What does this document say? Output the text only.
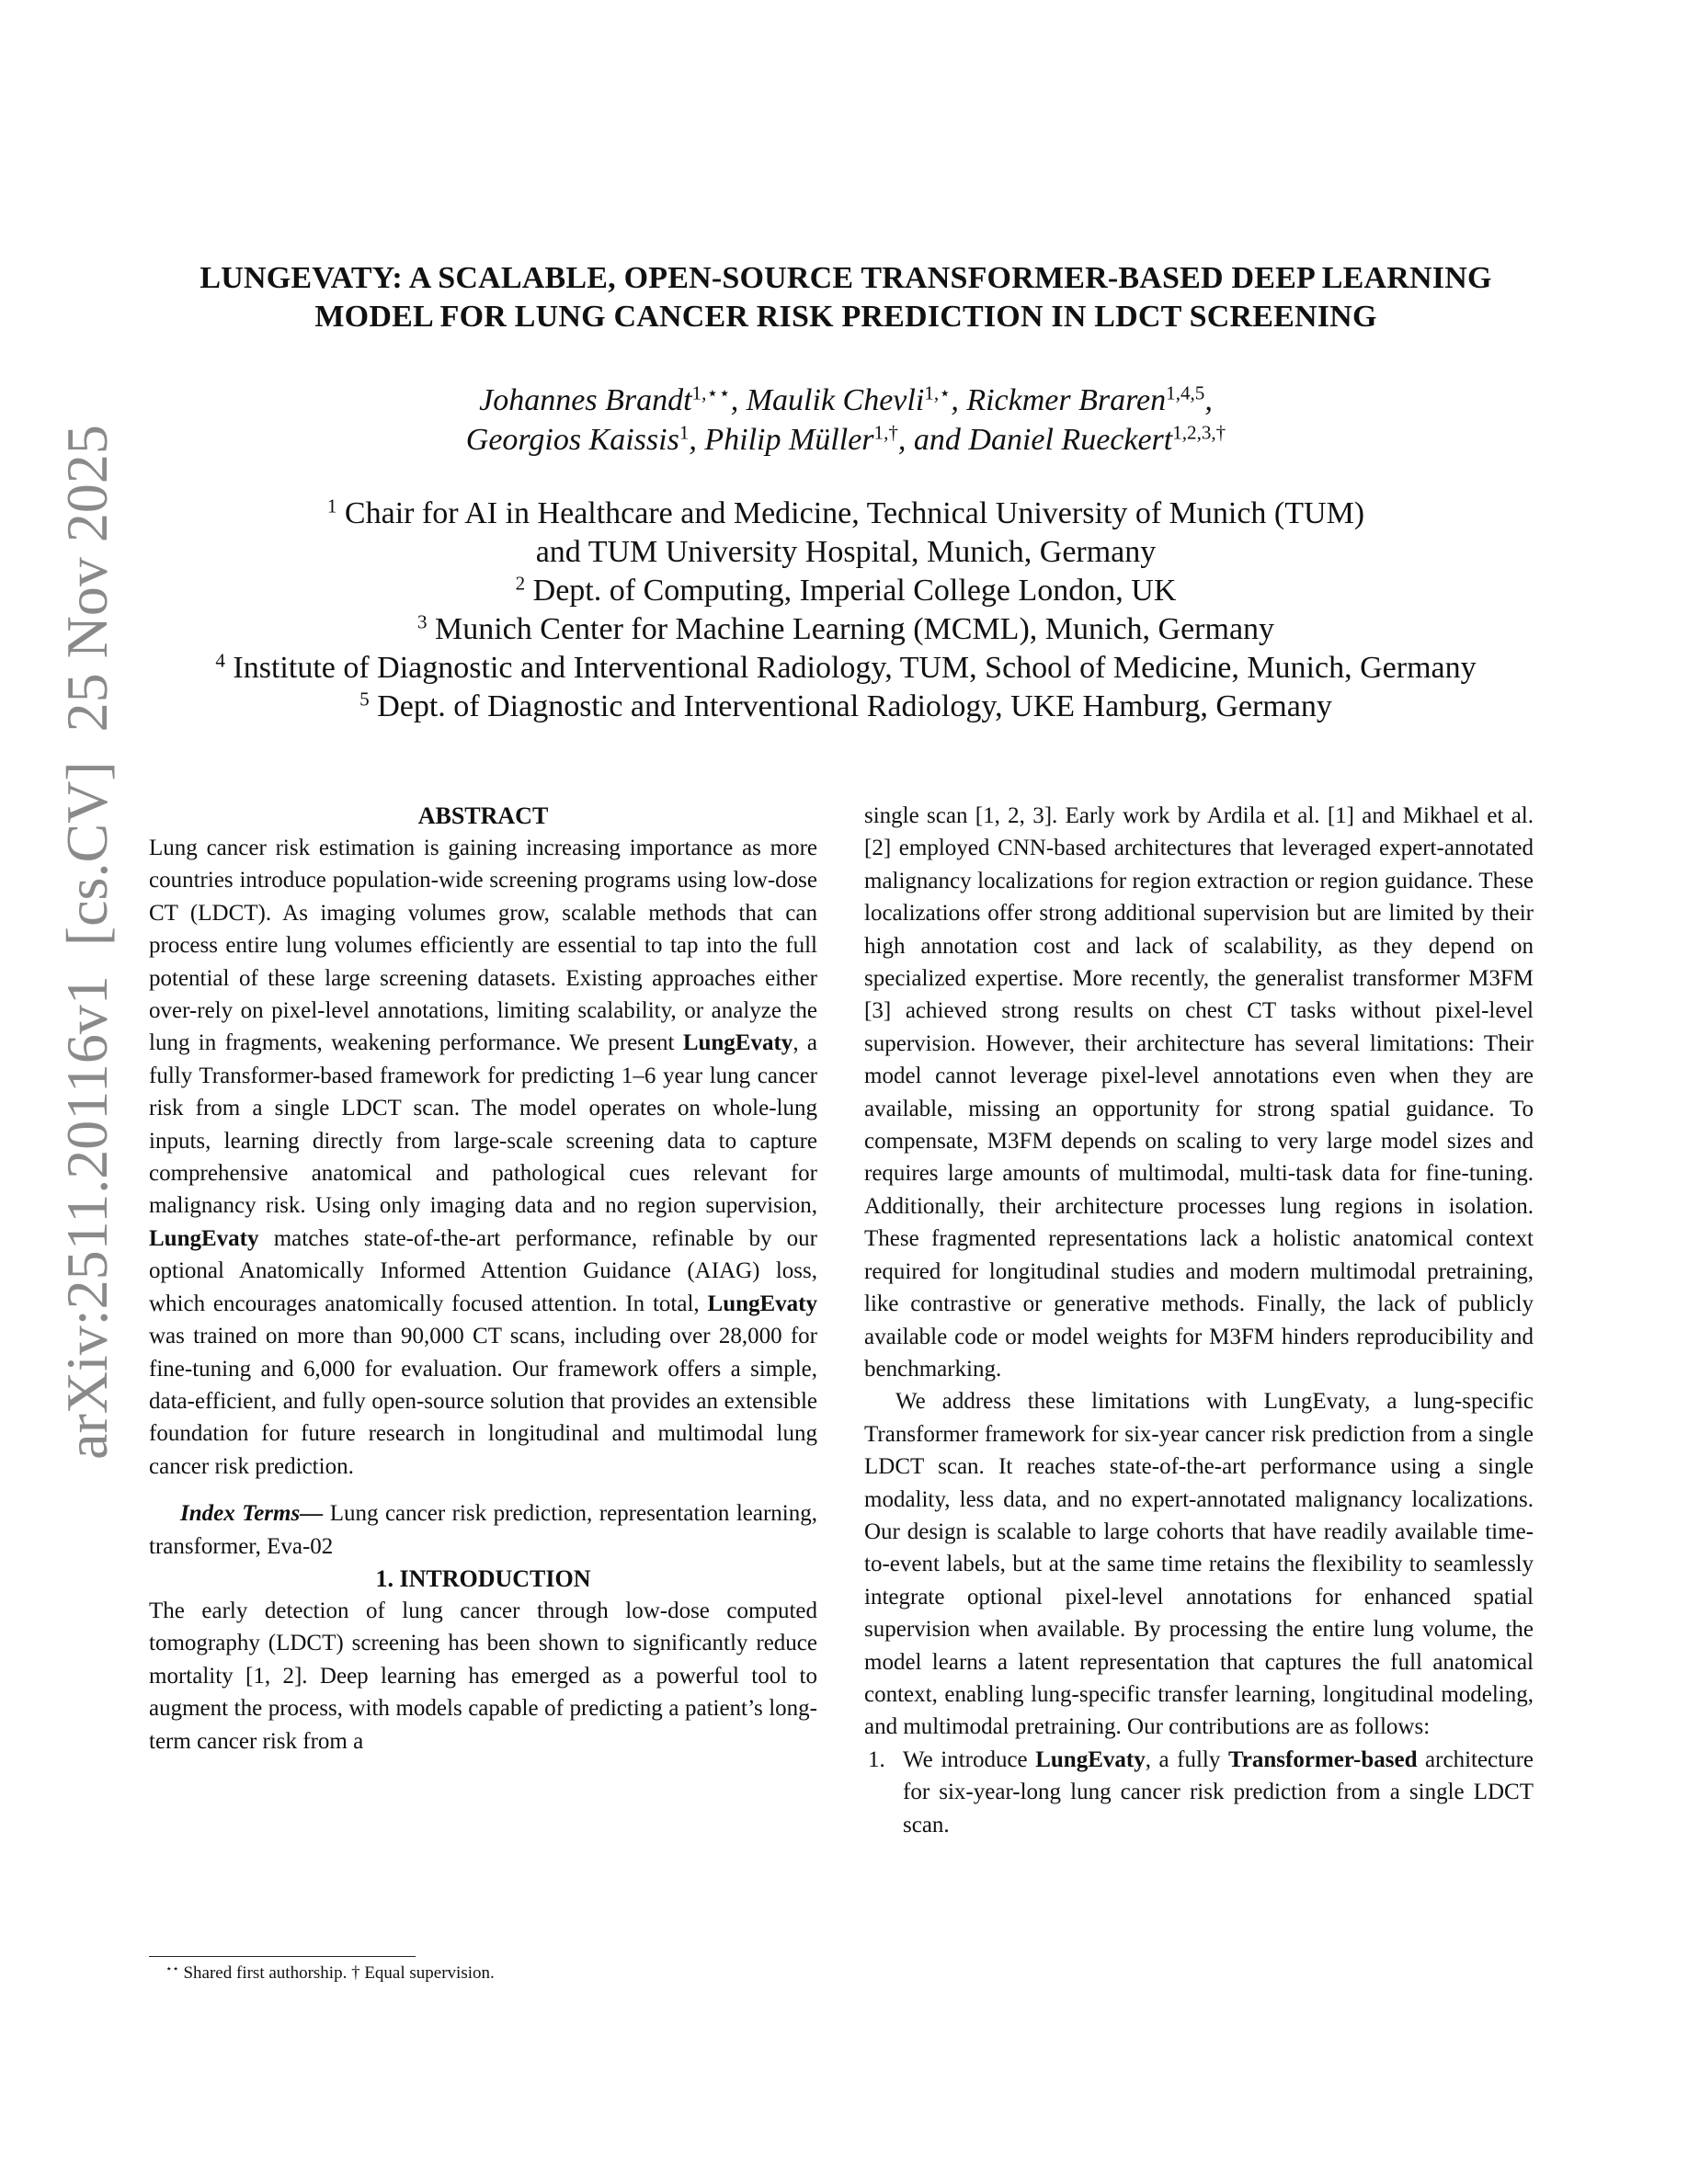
arXiv:2511.20116v1  [cs.CV]  25 Nov 2025
LUNGEVATY: A SCALABLE, OPEN-SOURCE TRANSFORMER-BASED DEEP LEARNING
MODEL FOR LUNG CANCER RISK PREDICTION IN LDCT SCREENING
Johannes Brandt$^{1,⋆⋆}$, Maulik Chevli$^{1,⋆}$, Rickmer Braren$^{1,4,5}$,
Georgios Kaissis$^1$, Philip Müller$^{1,\dagger}$, and Daniel Rueckert$^{1,2,3,\dagger}$
$^1$ Chair for AI in Healthcare and Medicine, Technical University of Munich (TUM)
and TUM University Hospital, Munich, Germany
$^2$ Dept. of Computing, Imperial College London, UK
$^3$ Munich Center for Machine Learning (MCML), Munich, Germany
$^4$ Institute of Diagnostic and Interventional Radiology, TUM, School of Medicine, Munich, Germany
$^5$ Dept. of Diagnostic and Interventional Radiology, UKE Hamburg, Germany

ABSTRACT

Lung cancer risk estimation is gaining increasing importance as more countries introduce population-wide screening programs using low-dose CT (LDCT). As imaging volumes grow, scalable methods that can process entire lung volumes efficiently are essential to tap into the full potential of these large screening datasets. Existing approaches either over-rely on pixel-level annotations, limiting scalability, or analyze the lung in fragments, weakening performance. We present LungEvaty, a fully Transformer-based framework for predicting 1–6 year lung cancer risk from a single LDCT scan. The model operates on whole-lung inputs, learning directly from large-scale screening data to capture comprehensive anatomical and pathological cues relevant for malignancy risk. Using only imaging data and no region supervision, LungEvaty matches state-of-the-art performance, refinable by our optional Anatomically Informed Attention Guidance (AIAG) loss, which encourages anatomically focused attention. In total, LungEvaty was trained on more than 90,000 CT scans, including over 28,000 for fine-tuning and 6,000 for evaluation. Our framework offers a simple, data-efficient, and fully open-source solution that provides an extensible foundation for future research in longitudinal and multimodal lung cancer risk prediction.

Index Terms— Lung cancer risk prediction, representation learning, transformer, Eva-02

1. INTRODUCTION

The early detection of lung cancer through low-dose computed tomography (LDCT) screening has been shown to significantly reduce mortality [1, 2]. Deep learning has emerged as a powerful tool to augment the process, with models capable of predicting a patient’s long-term cancer risk from a

single scan [1, 2, 3]. Early work by Ardila et al. [1] and Mikhael et al. [2] employed CNN-based architectures that leveraged expert-annotated malignancy localizations for region extraction or region guidance. These localizations offer strong additional supervision but are limited by their high annotation cost and lack of scalability, as they depend on specialized expertise. More recently, the generalist transformer M3FM [3] achieved strong results on chest CT tasks without pixel-level supervision. However, their architecture has several limitations: Their model cannot leverage pixel-level annotations even when they are available, missing an opportunity for strong spatial guidance. To compensate, M3FM depends on scaling to very large model sizes and requires large amounts of multimodal, multi-task data for fine-tuning. Additionally, their architecture processes lung regions in isolation. These fragmented representations lack a holistic anatomical context required for longitudinal studies and modern multimodal pretraining, like contrastive or generative methods. Finally, the lack of publicly available code or model weights for M3FM hinders reproducibility and benchmarking.

We address these limitations with LungEvaty, a lung-specific Transformer framework for six-year cancer risk prediction from a single LDCT scan. It reaches state-of-the-art performance using a single modality, less data, and no expert-annotated malignancy localizations. Our design is scalable to large cohorts that have readily available time-to-event labels, but at the same time retains the flexibility to seamlessly integrate optional pixel-level annotations for enhanced spatial supervision when available. By processing the entire lung volume, the model learns a latent representation that captures the full anatomical context, enabling lung-specific transfer learning, longitudinal modeling, and multimodal pretraining. Our contributions are as follows:

1. We introduce LungEvaty, a fully Transformer-based architecture for six-year-long lung cancer risk prediction from a single LDCT scan.
⋆⋆ Shared first authorship. † Equal supervision.
